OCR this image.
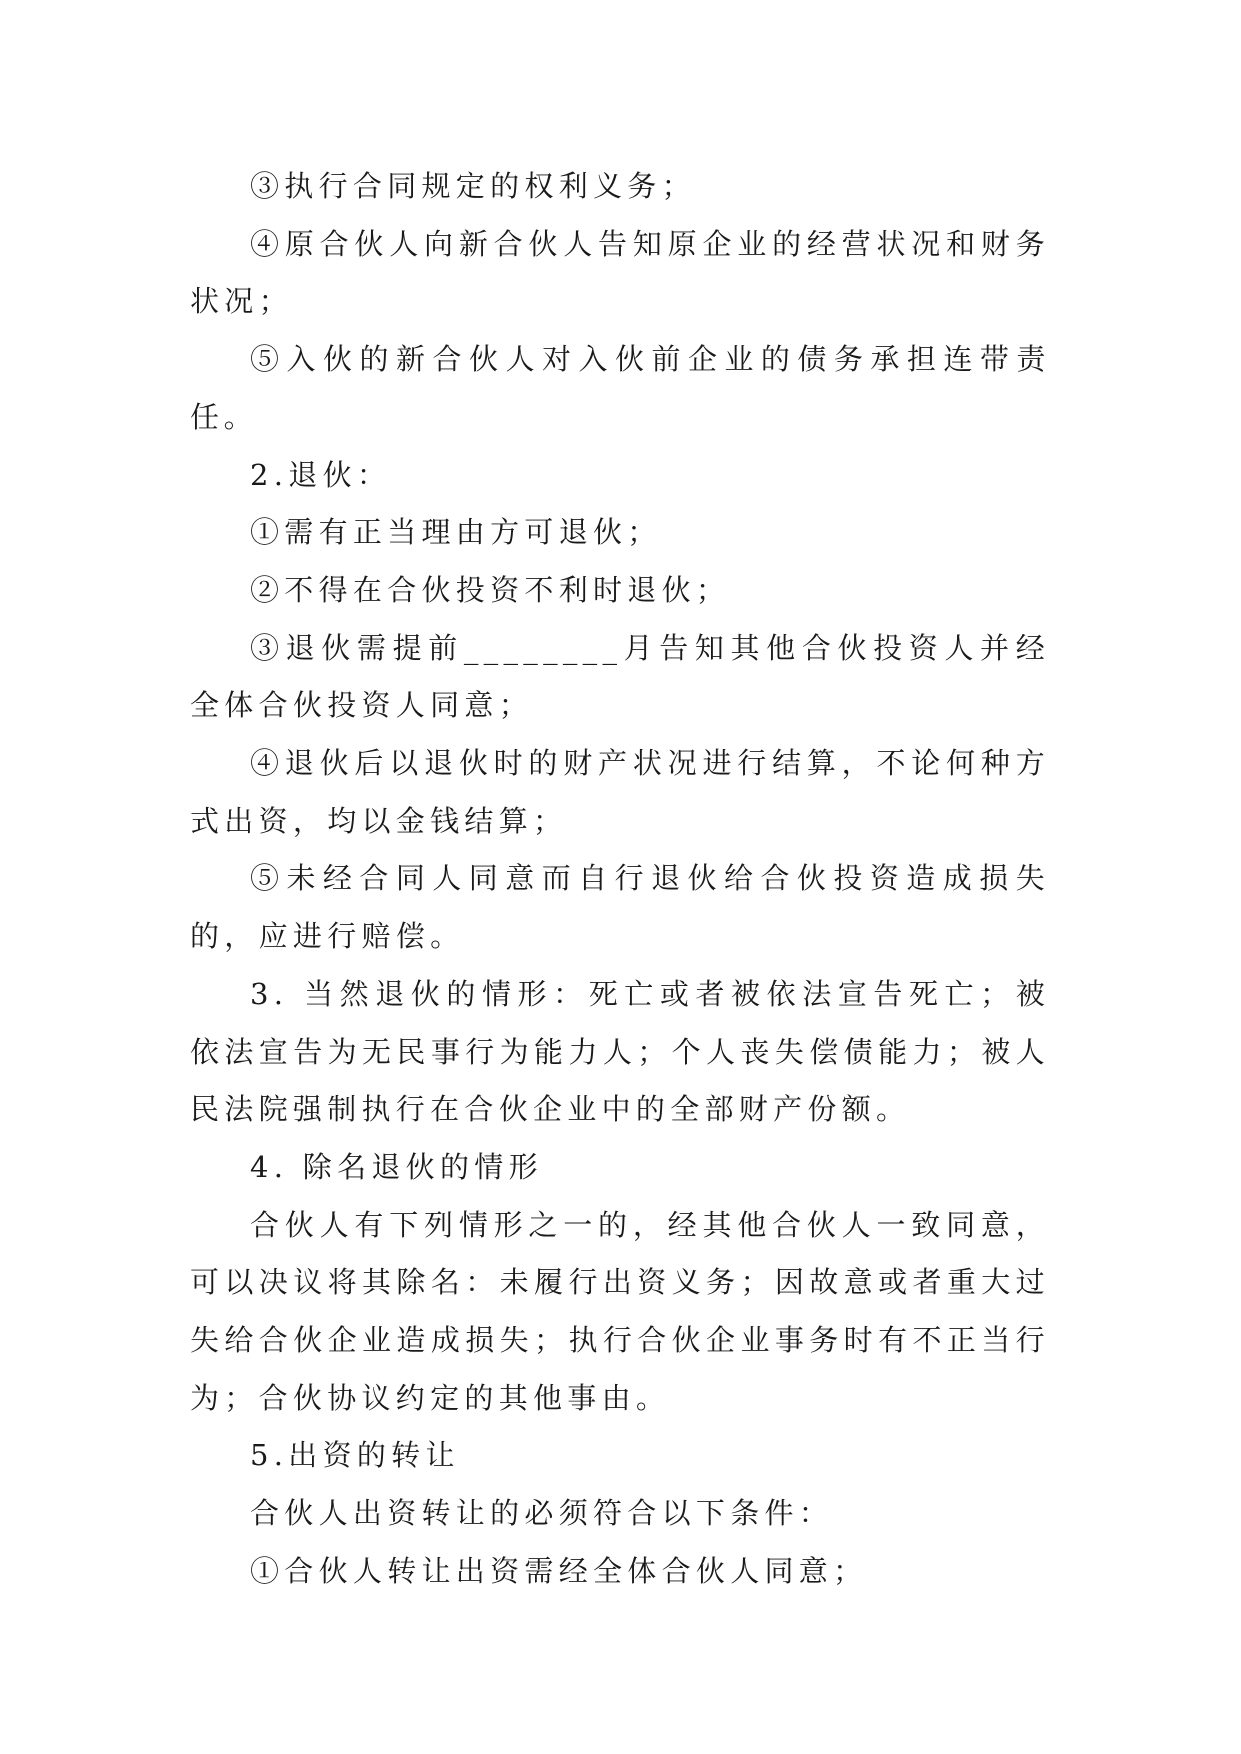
③执行合同规定的权利义务；

④原合伙人向新合伙人告知原企业的经营状况和财务状况；

⑤入伙的新合伙人对入伙前企业的债务承担连带责任。

2.退伙：

①需有正当理由方可退伙；

②不得在合伙投资不利时退伙；

③退伙需提前________月告知其他合伙投资人并经全体合伙投资人同意；

④退伙后以退伙时的财产状况进行结算，不论何种方式出资，均以金钱结算；

⑤未经合同人同意而自行退伙给合伙投资造成损失的，应进行赔偿。

3. 当然退伙的情形：死亡或者被依法宣告死亡；被依法宣告为无民事行为能力人；个人丧失偿债能力；被人民法院强制执行在合伙企业中的全部财产份额。

4. 除名退伙的情形

合伙人有下列情形之一的，经其他合伙人一致同意，可以决议将其除名：未履行出资义务；因故意或者重大过失给合伙企业造成损失；执行合伙企业事务时有不正当行为；合伙协议约定的其他事由。

5.出资的转让

合伙人出资转让的必须符合以下条件：

①合伙人转让出资需经全体合伙人同意；
